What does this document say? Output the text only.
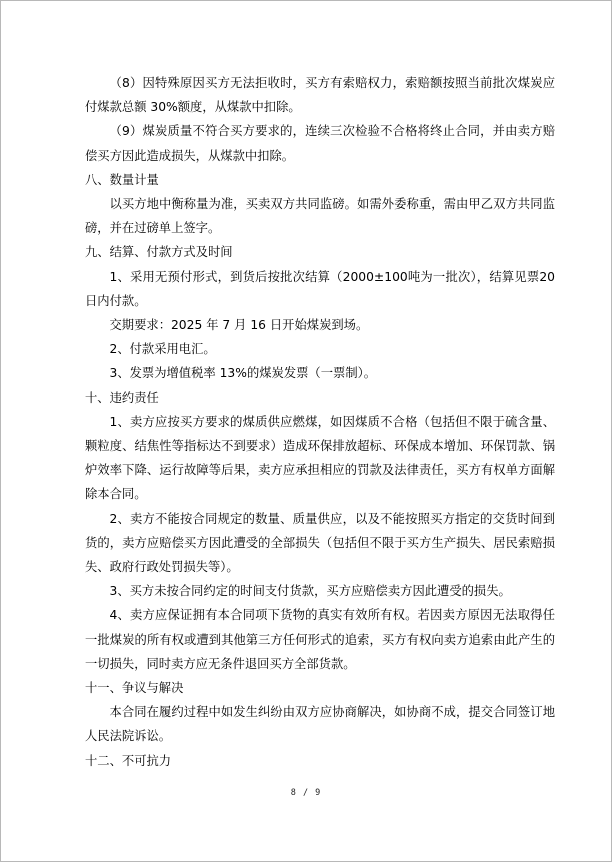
（8）因特殊原因买方无法拒收时，买方有索赔权力，索赔额按照当前批次煤炭应付煤款总额 30%额度，从煤款中扣除。

（9）煤炭质量不符合买方要求的，连续三次检验不合格将终止合同，并由卖方赔偿买方因此造成损失，从煤款中扣除。

八、数量计量

以买方地中衡称量为准，买卖双方共同监磅。如需外委称重，需由甲乙双方共同监磅，并在过磅单上签字。

九、结算、付款方式及时间

1、采用无预付形式，到货后按批次结算（2000±100吨为一批次），结算见票20日内付款。

交期要求：2025 年 7 月 16 日开始煤炭到场。

2、付款采用电汇。

3、发票为增值税率 13%的煤炭发票（一票制）。

十、违约责任

1、卖方应按买方要求的煤质供应燃煤，如因煤质不合格（包括但不限于硫含量、颗粒度、结焦性等指标达不到要求）造成环保排放超标、环保成本增加、环保罚款、锅炉效率下降、运行故障等后果，卖方应承担相应的罚款及法律责任，买方有权单方面解除本合同。

2、卖方不能按合同规定的数量、质量供应，以及不能按照买方指定的交货时间到货的，卖方应赔偿买方因此遭受的全部损失（包括但不限于买方生产损失、居民索赔损失、政府行政处罚损失等）。

3、买方未按合同约定的时间支付货款，买方应赔偿卖方因此遭受的损失。

4、卖方应保证拥有本合同项下货物的真实有效所有权。若因卖方原因无法取得任一批煤炭的所有权或遭到其他第三方任何形式的追索，买方有权向卖方追索由此产生的一切损失，同时卖方应无条件退回买方全部货款。

十一、争议与解决

本合同在履约过程中如发生纠纷由双方应协商解决，如协商不成，提交合同签订地人民法院诉讼。

十二、不可抗力

8 / 9
